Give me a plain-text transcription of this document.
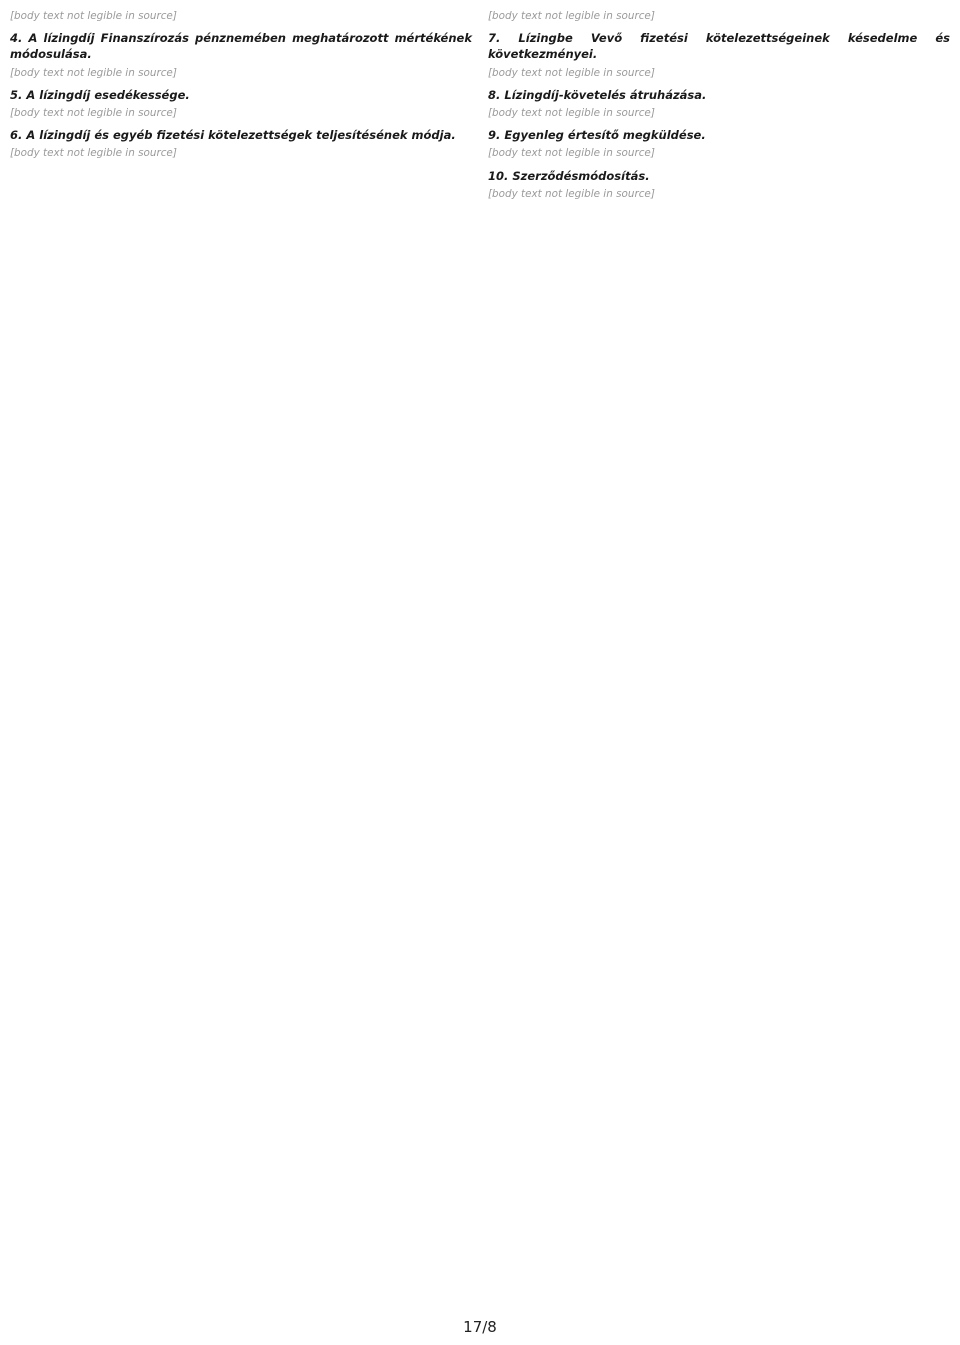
[body text not legible in source]
4. A lízingdíj Finanszírozás pénznemében meghatározott mértékének módosulása.
[body text not legible in source]
5. A lízingdíj esedékessége.
[body text not legible in source]
6. A lízingdíj és egyéb fizetési kötelezettségek teljesítésének módja.
[body text not legible in source]
[body text not legible in source]
7. Lízingbe Vevő fizetési kötelezettségeinek késedelme és következményei.
[body text not legible in source]
8. Lízingdíj-követelés átruházása.
[body text not legible in source]
9. Egyenleg értesítő megküldése.
[body text not legible in source]
10. Szerződésmódosítás.
[body text not legible in source]
17/8
